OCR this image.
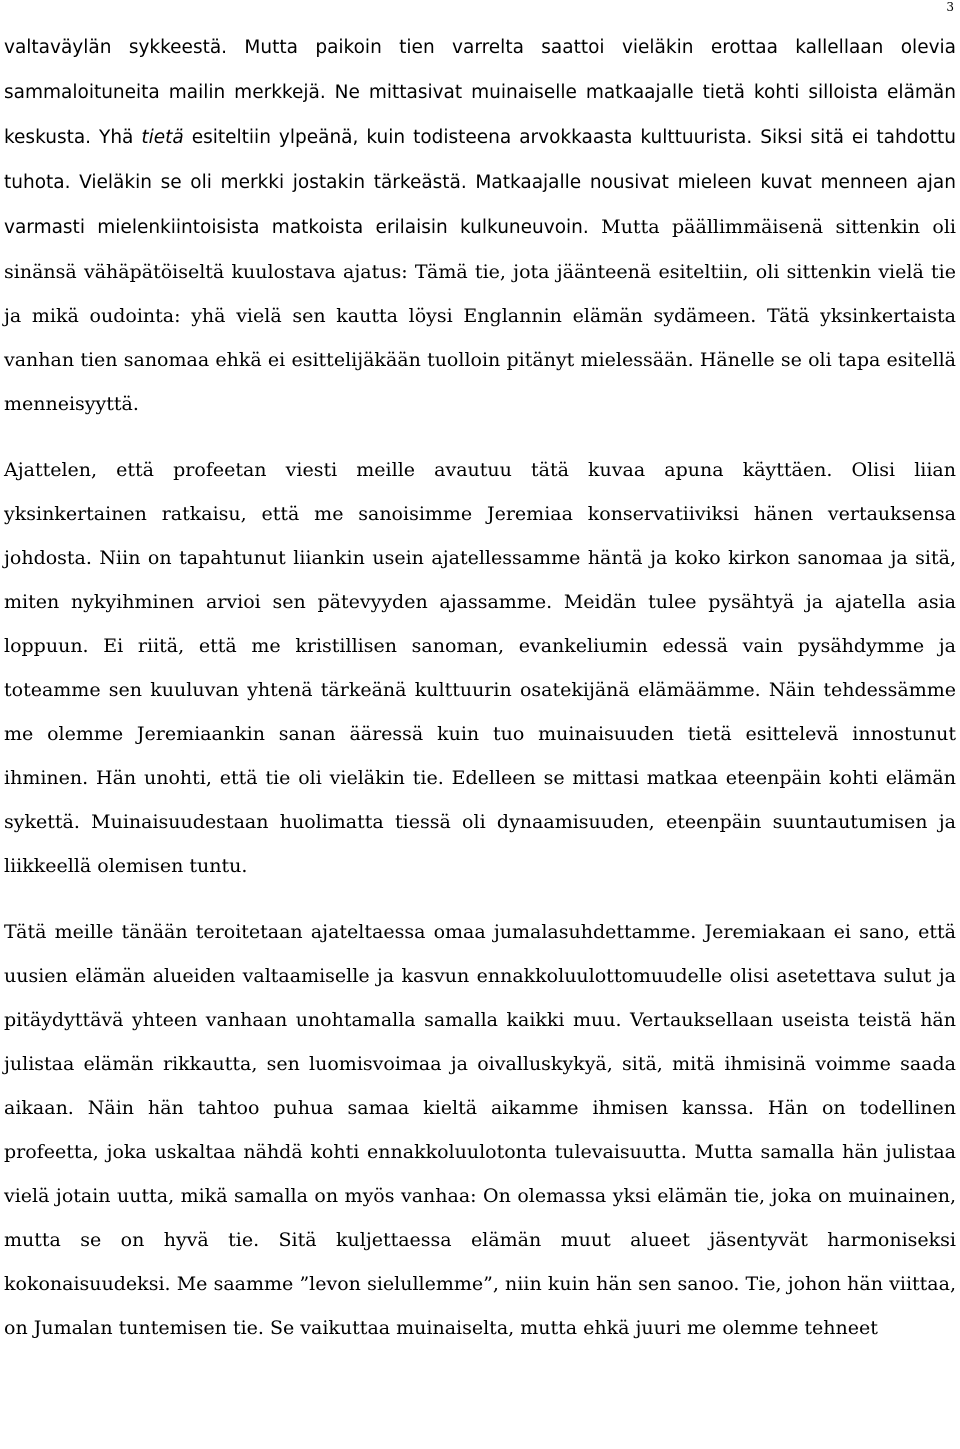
3

valtaväylän sykkeestä. Mutta paikoin tien varrelta saattoi vieläkin erottaa kallellaan olevia sammaloituneita mailin merkkejä. Ne mittasivat muinaiselle matkaajalle tietä kohti silloista elämän keskusta. Yhä tietä esiteltiin ylpeänä, kuin todisteena arvokkaasta kulttuurista. Siksi sitä ei tahdottu tuhota. Vieläkin se oli merkki jostakin tärkeästä. Matkaajalle nousivat mieleen kuvat menneen ajan varmasti mielenkiintoisista matkoista erilaisin kulkuneuvoin. Mutta päällimmäisenä sittenkin oli sinänsä vähäpätöiseltä kuulostava ajatus: Tämä tie, jota jäänteenä esiteltiin, oli sittenkin vielä tie ja mikä oudointa: yhä vielä sen kautta löysi Englannin elämän sydämeen. Tätä yksinkertaista vanhan tien sanomaa ehkä ei esittelijäkään tuolloin pitänyt mielessään. Hänelle se oli tapa esitellä menneisyyttä.

Ajattelen, että profeetan viesti meille avautuu tätä kuvaa apuna käyttäen. Olisi liian yksinkertainen ratkaisu, että me sanoisimme Jeremiaa konservatiiviksi hänen vertauksensa johdosta. Niin on tapahtunut liiankin usein ajatellessamme häntä ja koko kirkon sanomaa ja sitä, miten nykyihminen arvioi sen pätevyyden ajassamme. Meidän tulee pysähtyä ja ajatella asia loppuun. Ei riitä, että me kristillisen sanoman, evankeliumin edessä vain pysähdymme ja toteamme sen kuuluvan yhtenä tärkeänä kulttuurin osatekijänä elämäämme. Näin tehdessämme me olemme Jeremiaankin sanan ääressä kuin tuo muinaisuuden tietä esittelevä innostunut ihminen. Hän unohti, että tie oli vieläkin tie. Edelleen se mittasi matkaa eteenpäin kohti elämän sykettä. Muinaisuudestaan huolimatta tiessä oli dynaamisuuden, eteenpäin suuntautumisen ja liikkeellä olemisen tuntu.

Tätä meille tänään teroitetaan ajateltaessa omaa jumalasuhdettamme. Jeremiakaan ei sano, että uusien elämän alueiden valtaamiselle ja kasvun ennakkoluulottomuudelle olisi asetettava sulut ja pitäydyttävä yhteen vanhaan unohtamalla samalla kaikki muu. Vertauksellaan useista teistä hän julistaa elämän rikkautta, sen luomisvoimaa ja oivalluskykyä, sitä, mitä ihmisinä voimme saada aikaan. Näin hän tahtoo puhua samaa kieltä aikamme ihmisen kanssa. Hän on todellinen profeetta, joka uskaltaa nähdä kohti ennakkoluulotonta tulevaisuutta. Mutta samalla hän julistaa vielä jotain uutta, mikä samalla on myös vanhaa: On olemassa yksi elämän tie, joka on muinainen, mutta se on hyvä tie. Sitä kuljettaessa elämän muut alueet jäsentyvät harmoniseksi kokonaisuudeksi. Me saamme ”levon sielullemme”, niin kuin hän sen sanoo. Tie, johon hän viittaa, on Jumalan tuntemisen tie. Se vaikuttaa muinaiselta, mutta ehkä juuri me olemme tehneet
